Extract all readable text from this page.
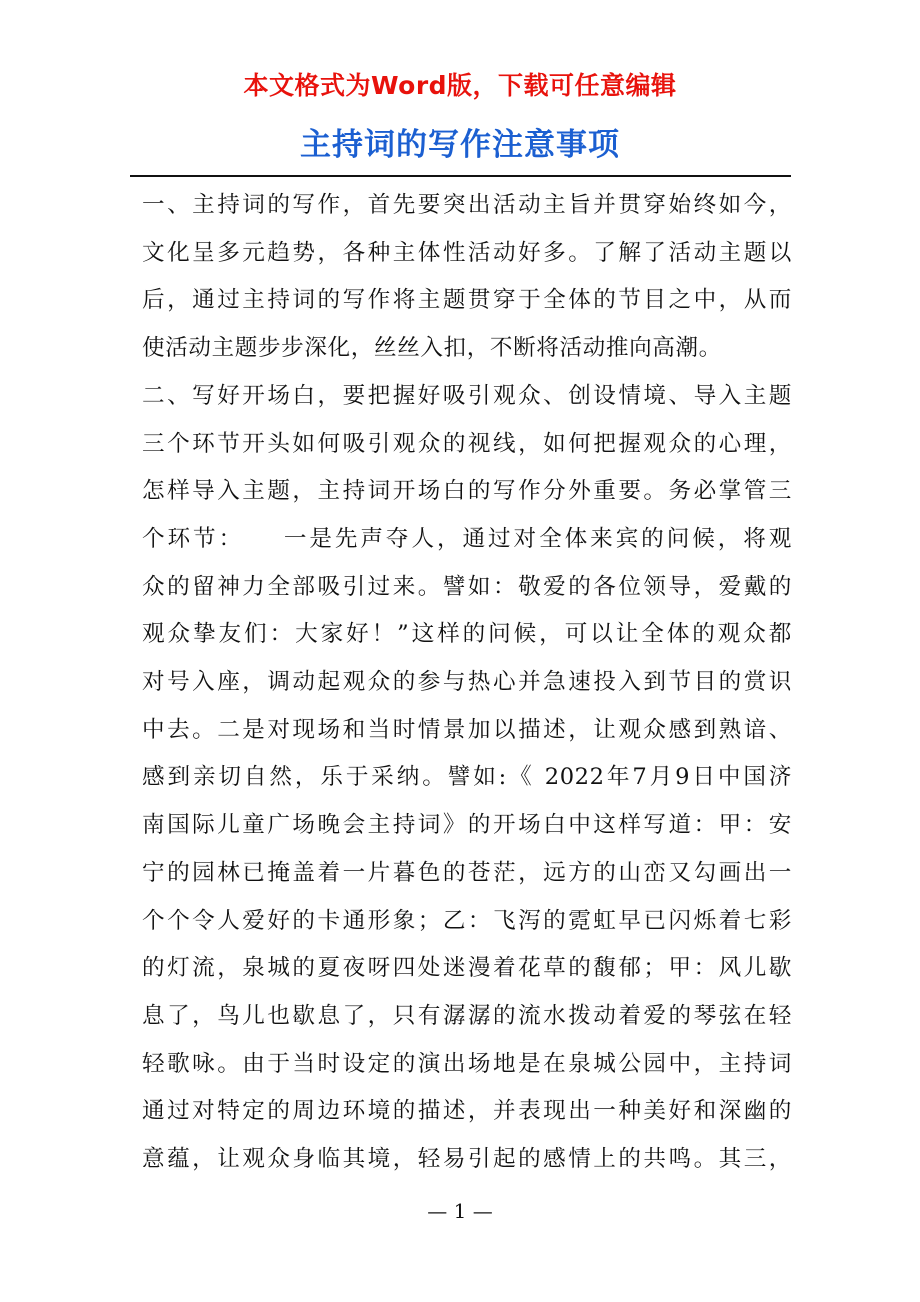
本文格式为Word版，下载可任意编辑
主持词的写作注意事项
一、主持词的写作，首先要突出活动主旨并贯穿始终如今，
文化呈多元趋势，各种主体性活动好多。了解了活动主题以
后，通过主持词的写作将主题贯穿于全体的节目之中，从而
使活动主题步步深化，丝丝入扣，不断将活动推向高潮。
二、写好开场白，要把握好吸引观众、创设情境、导入主题
三个环节开头如何吸引观众的视线，如何把握观众的心理，
怎样导入主题，主持词开场白的写作分外重要。务必掌管三
个环节：　　一是先声夺人，通过对全体来宾的问候，将观
众的留神力全部吸引过来。譬如：敬爱的各位领导，爱戴的
观众挚友们：大家好！”这样的问候，可以让全体的观众都
对号入座，调动起观众的参与热心并急速投入到节目的赏识
中去。二是对现场和当时情景加以描述，让观众感到熟谙、
感到亲切自然，乐于采纳。譬如:《 2022年7月9日中国济
南国际儿童广场晚会主持词》的开场白中这样写道：甲：安
宁的园林已掩盖着一片暮色的苍茫，远方的山峦又勾画出一
个个令人爱好的卡通形象；乙：飞泻的霓虹早已闪烁着七彩
的灯流，泉城的夏夜呀四处迷漫着花草的馥郁；甲：风儿歇
息了，鸟儿也歇息了，只有潺潺的流水拨动着爱的琴弦在轻
轻歌咏。由于当时设定的演出场地是在泉城公园中，主持词
通过对特定的周边环境的描述，并表现出一种美好和深幽的
意蕴，让观众身临其境，轻易引起的感情上的共鸣。其三，
— 1 —
